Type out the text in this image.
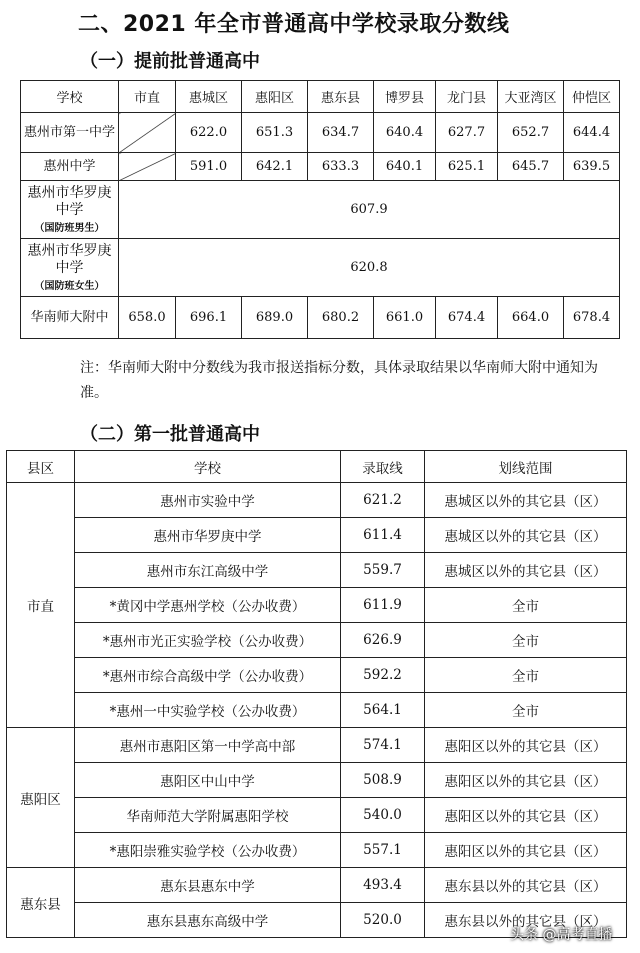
二、2021 年全市普通高中学校录取分数线
（一）提前批普通高中
学校	市直	惠城区	惠阳区	惠东县	博罗县	龙门县	大亚湾区	仲恺区
惠州市第一中学		622.0	651.3	634.7	640.4	627.7	652.7	644.4
惠州中学		591.0	642.1	633.3	640.1	625.1	645.7	639.5

惠州市华罗庚中学
（国防班男生）	607.9							

惠州市华罗庚中学
（国防班女生）	620.8							
华南师大附中	658.0	696.1	689.0	680.2	661.0	674.4	664.0	678.4
注：华南师大附中分数线为我市报送指标分数，具体录取结果以华南师大附中通知为准。
（二）第一批普通高中
县区	学校	录取线	划线范围
市直	惠州市实验中学	621.2	惠城区以外的其它县（区）
	惠州市华罗庚中学	611.4	惠城区以外的其它县（区）
	惠州市东江高级中学	559.7	惠城区以外的其它县（区）
	*黄冈中学惠州学校（公办收费）	611.9	全市
	*惠州市光正实验学校（公办收费）	626.9	全市
	*惠州市综合高级中学（公办收费）	592.2	全市
	*惠州一中实验学校（公办收费）	564.1	全市
惠阳区	惠州市惠阳区第一中学高中部	574.1	惠阳区以外的其它县（区）
	惠阳区中山中学	508.9	惠阳区以外的其它县（区）
	华南师范大学附属惠阳学校	540.0	惠阳区以外的其它县（区）
	*惠阳崇雅实验学校（公办收费）	557.1	惠阳区以外的其它县（区）
惠东县	惠东县惠东中学	493.4	惠东县以外的其它县（区）
	惠东县惠东高级中学	520.0	惠东县以外的其它县（区）
头条 @高考直播
